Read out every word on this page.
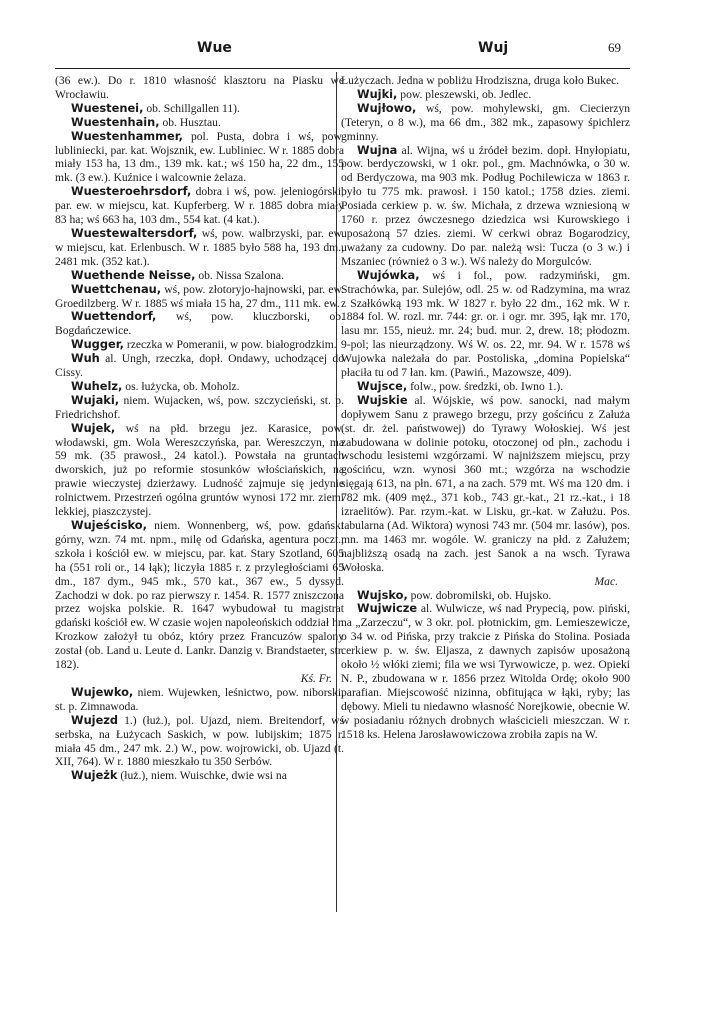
Wue	Wuj	69

(36 ew.). Do r. 1810 własność klasztoru na Piasku we Wrocławiu.

Wuestenei, ob. Schillgallen 11).

Wuestenhain, ob. Husztau.

Wuestenhammer, pol. Pusta, dobra i wś, pow. lubliniecki, par. kat. Wojsznik, ew. Lubliniec. W r. 1885 dobra miały 153 ha, 13 dm., 139 mk. kat.; wś 150 ha, 22 dm., 155 mk. (3 ew.). Kuźnice i walcownie żelaza.

Wuesteroehrsdorf, dobra i wś, pow. jeleniogórski, par. ew. w miejscu, kat. Kupferberg. W r. 1885 dobra miały 83 ha; wś 663 ha, 103 dm., 554 kat. (4 kat.).

Wuestewaltersdorf, wś, pow. walbrzyski, par. ew. w miejscu, kat. Erlenbusch. W r. 1885 było 588 ha, 193 dm., 2481 mk. (352 kat.).

Wuethende Neisse, ob. Nissa Szalona.

Wuettchenau, wś, pow. złotoryjo-hajnowski, par. ew. Groedilzberg. W r. 1885 wś miała 15 ha, 27 dm., 111 mk. ew.

Wuettendorf, wś, pow. kluczborski, ob. Bogdańczewice.

Wugger, rzeczka w Pomeranii, w pow. białogrodzkim.

Wuh al. Ungh, rzeczka, dopł. Ondawy, uchodzącej do Cissy.

Wuhelz, os. łużycka, ob. Moholz.

Wujaki, niem. Wujacken, wś, pow. szczycieński, st. p. Friedrichshof.

Wujek, wś na płd. brzegu jez. Karasice, pow. włodawski, gm. Wola Wereszczyńska, par. Wereszczyn, ma 59 mk. (35 prawosł., 24 katol.). Powstała na gruntach dworskich, już po reformie stosunków włościańskich, na prawie wieczystej dzierżawy. Ludność zajmuje się jedynie rolnictwem. Przestrzeń ogólna gruntów wynosi 172 mr. ziemi lekkiej, piaszczystej.

Wujeścisko, niem. Wonnenberg, wś, pow. gdański górny, wzn. 74 mt. npm., milę od Gdańska, agentura poczt., szkoła i kościół ew. w miejscu, par. kat. Stary Szotland, 605 ha (551 roli or., 14 łąk); liczyła 1885 r. z przyległościami 65 dm., 187 dym., 945 mk., 570 kat., 367 ew., 5 dyssyd. Zachodzi w dok. po raz pierwszy r. 1454. R. 1577 zniszczona przez wojska polskie. R. 1647 wybudował tu magistrat gdański kościół ew. W czasie wojen napoleońskich oddział hr. Krozkow założył tu obóz, który przez Francuzów spalony został (ob. Land u. Leute d. Lankr. Danzig v. Brandstaeter, str. 182).

Kś. Fr.

Wujewko, niem. Wujewken, leśnictwo, pow. niborski, st. p. Zimnawoda.

Wujezd 1.) (łuż.), pol. Ujazd, niem. Breitendorf, wś serbska, na Łużycach Saskich, w pow. lubijskim; 1875 r. miała 45 dm., 247 mk. 2.) W., pow. wojrowicki, ob. Ujazd (t. XII, 764). W r. 1880 mieszkało tu 350 Serbów.

Wujeżk (łuż.), niem. Wuischke, dwie wsi na

Łużyczach. Jedna w pobliżu Hrodziszna, druga koło Bukec.

Wujki, pow. pleszewski, ob. Jedlec.

Wujłowo, wś, pow. mohylewski, gm. Ciecierzyn (Teteryn, o 8 w.), ma 66 dm., 382 mk., zapasowy śpichlerz gminny.

Wujna al. Wijna, wś u źródeł bezim. dopł. Hnyłopiatu, pow. berdyczowski, w 1 okr. pol., gm. Machnówka, o 30 w. od Berdyczowa, ma 903 mk. Podług Pochilewicza w 1863 r. było tu 775 mk. prawosł. i 150 katol.; 1758 dzies. ziemi. Posiada cerkiew p. w. św. Michała, z drzewa wzniesioną w 1760 r. przez ówczesnego dziedzica wsi Kurowskiego i uposażoną 57 dzies. ziemi. W cerkwi obraz Bogarodzicy, uważany za cudowny. Do par. należą wsi: Tucza (o 3 w.) i Mszaniec (również o 3 w.). Wś należy do Morgulców.

Wujówka, wś i fol., pow. radzymiński, gm. Strachówka, par. Sulejów, odl. 25 w. od Radzymina, ma wraz z Szałkówką 193 mk. W 1827 r. było 22 dm., 162 mk. W r. 1884 fol. W. rozl. mr. 744: gr. or. i ogr. mr. 395, łąk mr. 170, lasu mr. 155, nieuż. mr. 24; bud. mur. 2, drew. 18; płodozm. 9-pol; las nieurządzony. Wś W. os. 22, mr. 94. W r. 1578 wś Wujowka należała do par. Postoliska, „domina Popielska“ płaciła tu od 7 łan. km. (Pawiń., Mazowsze, 409).

Wujsce, folw., pow. średzki, ob. Iwno 1.).

Wujskie al. Wójskie, wś pow. sanocki, nad małym dopływem Sanu z prawego brzegu, przy gościńcu z Załuża (st. dr. żel. państwowej) do Tyrawy Wołoskiej. Wś jest zabudowana w dolinie potoku, otoczonej od płn., zachodu i wschodu lesistemi wzgórzami. W najniższem miejscu, przy gościńcu, wzn. wynosi 360 mt.; wzgórza na wschodzie sięgają 613, na płn. 671, a na zach. 579 mt. Wś ma 120 dm. i 782 mk. (409 męż., 371 kob., 743 gr.-kat., 21 rz.-kat., i 18 izraelitów). Par. rzym.-kat. w Lisku, gr.-kat. w Załużu. Pos. tabularna (Ad. Wiktora) wynosi 743 mr. (504 mr. lasów), pos. mn. ma 1463 mr. wogóle. W. graniczy na płd. z Załużem; najbliższą osadą na zach. jest Sanok a na wsch. Tyrawa Wołoska.

Mac.

Wujsko, pow. dobromilski, ob. Hujsko.

Wujwicze al. Wulwicze, wś nad Prypecią, pow. piński, na „Zarzeczu“, w 3 okr. pol. płotnickim, gm. Lemieszewicze, o 34 w. od Pińska, przy trakcie z Pińska do Stolina. Posiada cerkiew p. w. św. Eljasza, z dawnych zapisów uposażoną około ½ włóki ziemi; fila we wsi Tyrwowicze, p. wez. Opieki N. P., zbudowana w r. 1856 przez Witolda Ordę; około 900 parafian. Miejscowość nizinna, obfitująca w łąki, ryby; las dębowy. Mieli tu niedawno własność Norejkowie, obecnie W. w posiadaniu różnych drobnych właścicieli mieszczan. W r. 1518 ks. Helena Jarosławowiczowa zrobiła zapis na W.
